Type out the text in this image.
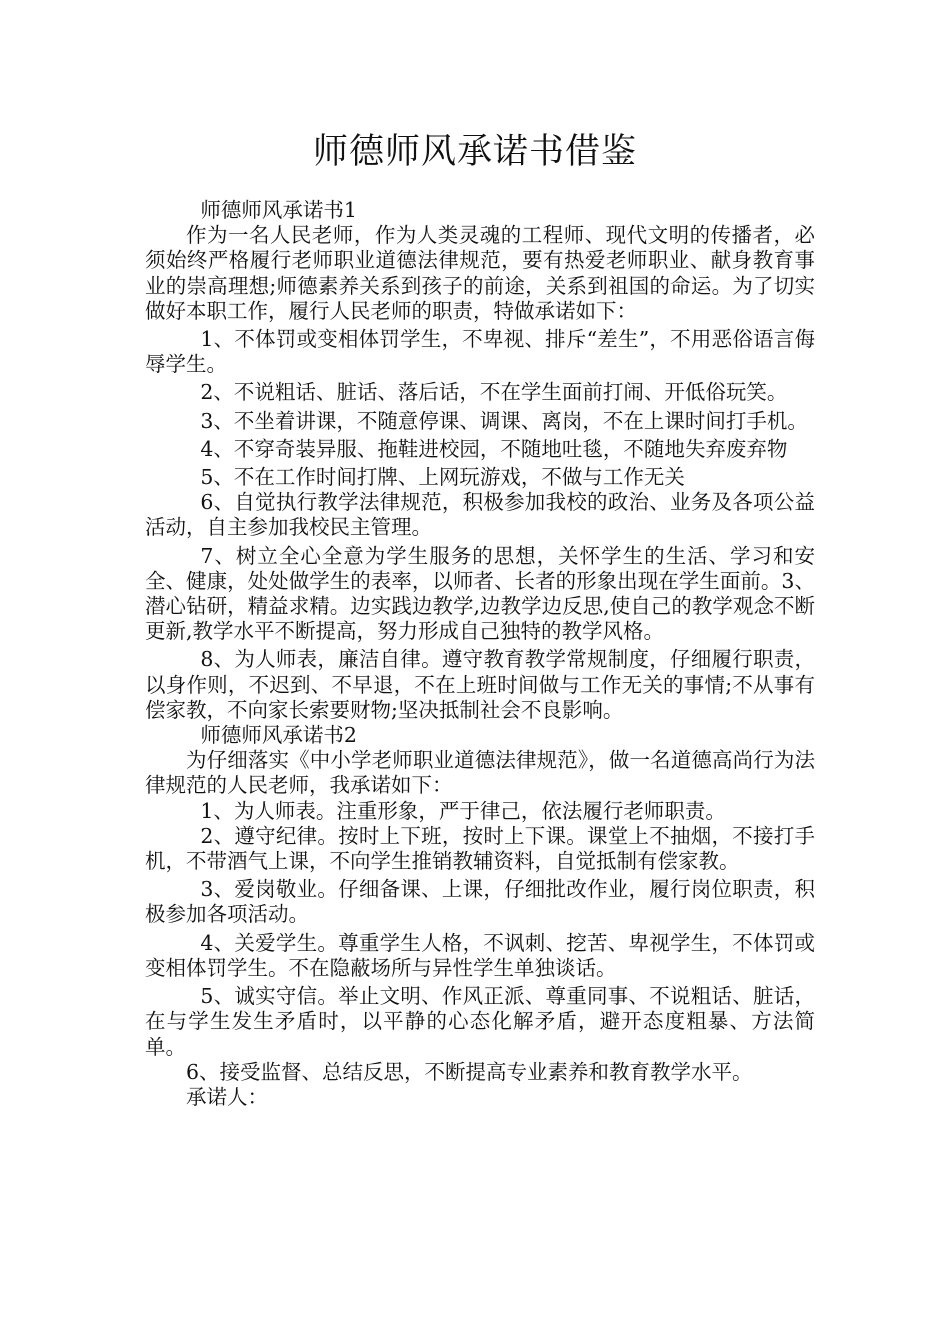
师德师风承诺书借鉴

师德师风承诺书1

作为一名人民老师，作为人类灵魂的工程师、现代文明的传播者，必须始终严格履行老师职业道德法律规范，要有热爱老师职业、献身教育事业的崇高理想;师德素养关系到孩子的前途，关系到祖国的命运。为了切实做好本职工作，履行人民老师的职责，特做承诺如下：

1、不体罚或变相体罚学生，不卑视、排斥“差生”，不用恶俗语言侮辱学生。

2、不说粗话、脏话、落后话，不在学生面前打闹、开低俗玩笑。

3、不坐着讲课，不随意停课、调课、离岗，不在上课时间打手机。

4、不穿奇装异服、拖鞋进校园，不随地吐毯，不随地失弃废弃物

5、不在工作时间打牌、上网玩游戏，不做与工作无关

6、自觉执行教学法律规范，积极参加我校的政治、业务及各项公益活动，自主参加我校民主管理。

7、树立全心全意为学生服务的思想，关怀学生的生活、学习和安全、健康，处处做学生的表率，以师者、长者的形象出现在学生面前。3、潜心钻研，精益求精。边实践边教学,边教学边反思,使自己的教学观念不断更新,教学水平不断提高，努力形成自己独特的教学风格。

8、为人师表，廉洁自律。遵守教育教学常规制度，仔细履行职责，以身作则，不迟到、不早退，不在上班时间做与工作无关的事情;不从事有偿家教，不向家长索要财物;坚决抵制社会不良影响。

师德师风承诺书2

为仔细落实《中小学老师职业道德法律规范》，做一名道德高尚行为法律规范的人民老师，我承诺如下：

1、为人师表。注重形象，严于律己，依法履行老师职责。

2、遵守纪律。按时上下班，按时上下课。课堂上不抽烟，不接打手机，不带酒气上课，不向学生推销教辅资料，自觉抵制有偿家教。

3、爱岗敬业。仔细备课、上课，仔细批改作业，履行岗位职责，积极参加各项活动。

4、关爱学生。尊重学生人格，不讽刺、挖苦、卑视学生，不体罚或变相体罚学生。不在隐蔽场所与异性学生单独谈话。

5、诚实守信。举止文明、作风正派、尊重同事、不说粗话、脏话，在与学生发生矛盾时，以平静的心态化解矛盾，避开态度粗暴、方法简单。

6、接受监督、总结反思，不断提高专业素养和教育教学水平。

承诺人：
